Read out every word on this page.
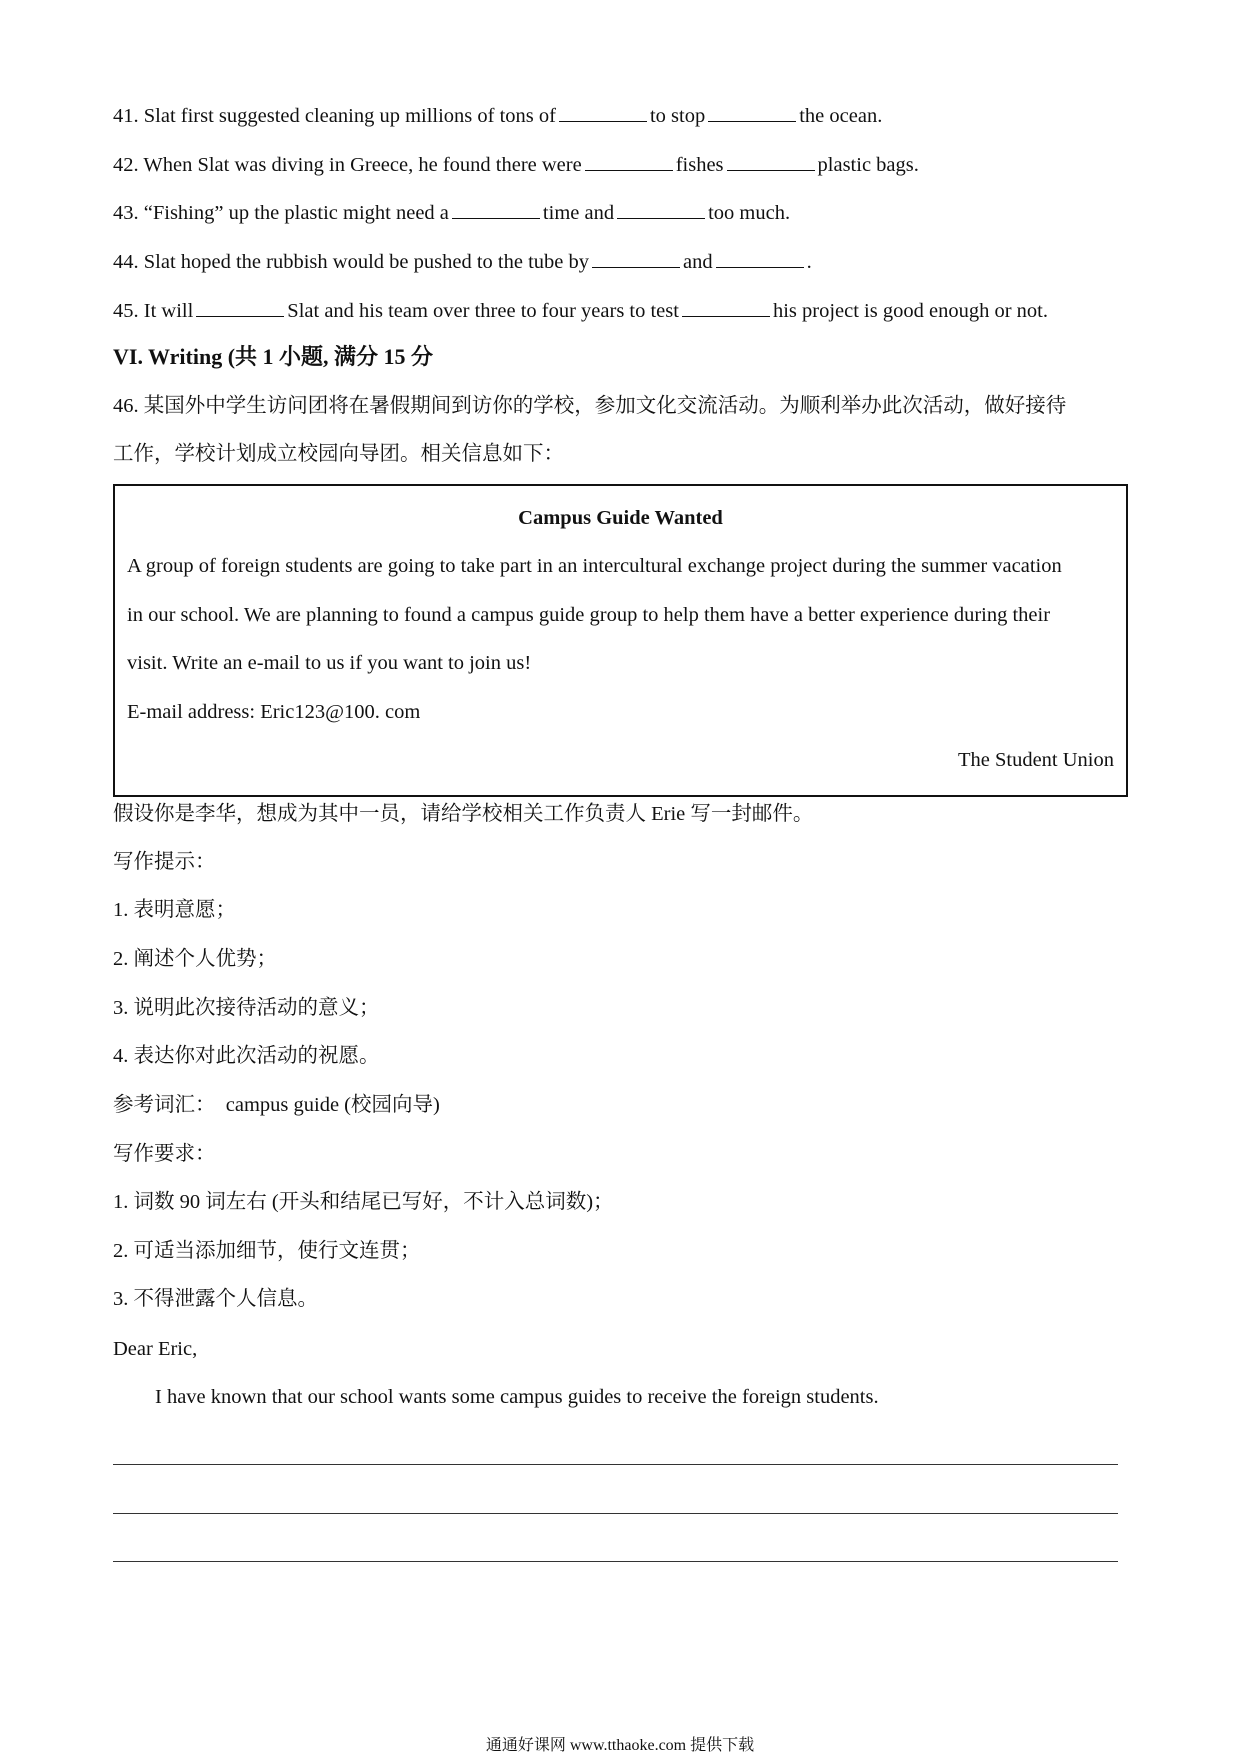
41. Slat first suggested cleaning up millions of tons of	to stop	the ocean.
42. When Slat was diving in Greece, he found there were	fishes	plastic bags.
43. “Fishing” up the plastic might need a	time and	too much.
44. Slat hoped the rubbish would be pushed to the tube by	and	.
45. It will	Slat and his team over three to four years to test	his project is good enough or not.
VI. Writing (共 1 小题, 满分 15 分
46. 某国外中学生访问团将在暑假期间到访你的学校，参加文化交流活动。为顺利举办此次活动，做好接待
工作，学校计划成立校园向导团。相关信息如下：
Campus Guide Wanted
A group of foreign students are going to take part in an intercultural exchange project during the summer vacation
in our school. We are planning to found a campus guide group to help them have a better experience during their
visit. Write an e-mail to us if you want to join us!
E-mail address: Eric123@100. com
The Student Union
假设你是李华，想成为其中一员，请给学校相关工作负责人 Erie 写一封邮件。
写作提示：
1. 表明意愿；
2. 阐述个人优势；
3. 说明此次接待活动的意义；
4. 表达你对此次活动的祝愿。
参考词汇：  campus guide (校园向导)
写作要求：
1. 词数 90 词左右 (开头和结尾已写好，不计入总词数)；
2. 可适当添加细节，使行文连贯；
3. 不得泄露个人信息。
Dear Eric,
I have known that our school wants some campus guides to receive the foreign students.
通通好课网 www.tthaoke.com 提供下载
